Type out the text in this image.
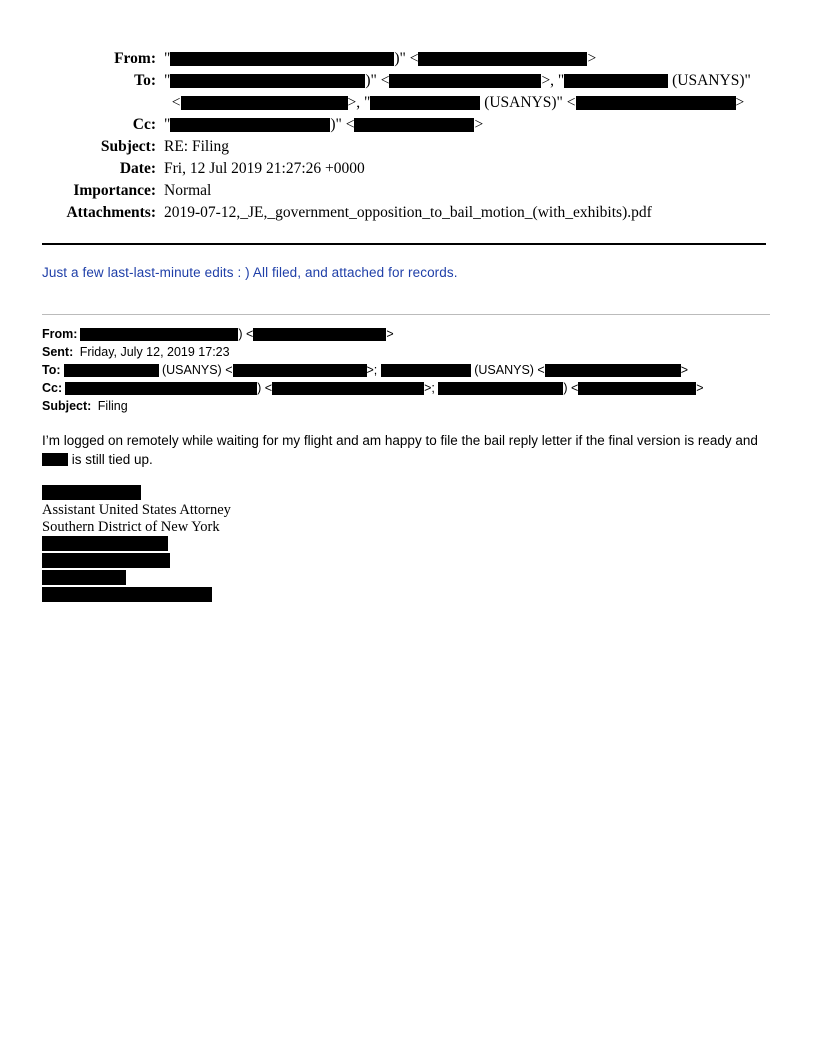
From: "	)" <	>
To: "	)" <	>, "	(USANYS)"
<	>, "	(USANYS)" <	>
Cc: "	)" <	>
Subject: RE: Filing
Date: Fri, 12 Jul 2019 21:27:26 +0000
Importance: Normal
Attachments: 2019-07-12,_JE,_government_opposition_to_bail_motion_(with_exhibits).pdf
Just a few last-last-minute edits : ) All filed, and attached for records.
From:	) <	>
Sent: Friday, July 12, 2019 17:23
To:	(USANYS) <	>;	(USANYS) <	>
Cc:	) <	>;	) <	>
Subject: Filing

I’m logged on remotely while waiting for my flight and am happy to file the bail reply letter if the final version is ready and  is still tied up.

Assistant United States Attorney
Southern District of New York
